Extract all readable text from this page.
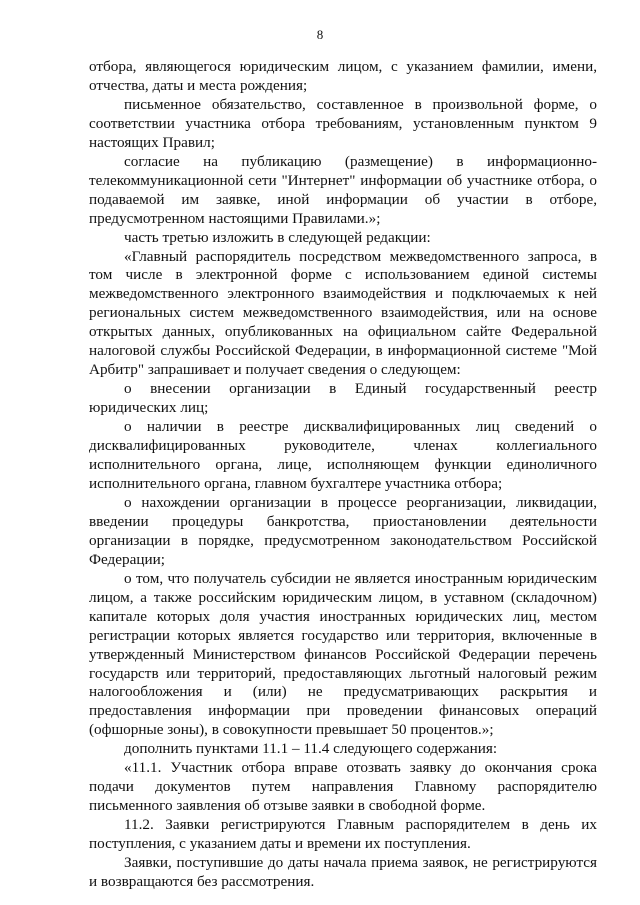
8

отбора, являющегося юридическим лицом, с указанием фамилии, имени, отчества, даты и места рождения;

письменное обязательство, составленное в произвольной форме, о соответствии участника отбора требованиям, установленным пунктом 9 настоящих Правил;

согласие на публикацию (размещение) в информационно-телекоммуникационной сети "Интернет" информации об участнике отбора, о подаваемой им заявке, иной информации об участии в отборе, предусмотренном настоящими Правилами.»;

часть третью изложить в следующей редакции:

«Главный распорядитель посредством межведомственного запроса, в том числе в электронной форме с использованием единой системы межведомственного электронного взаимодействия и подключаемых к ней региональных систем межведомственного взаимодействия, или на основе открытых данных, опубликованных на официальном сайте Федеральной налоговой службы Российской Федерации, в информационной системе "Мой Арбитр" запрашивает и получает сведения о следующем:

о внесении организации в Единый государственный реестр юридических лиц;

о наличии в реестре дисквалифицированных лиц сведений о дисквалифицированных руководителе, членах коллегиального исполнительного органа, лице, исполняющем функции единоличного исполнительного органа, главном бухгалтере участника отбора;

о нахождении организации в процессе реорганизации, ликвидации, введении процедуры банкротства, приостановлении деятельности организации в порядке, предусмотренном законодательством Российской Федерации;

о том, что получатель субсидии не является иностранным юридическим лицом, а также российским юридическим лицом, в уставном (складочном) капитале которых доля участия иностранных юридических лиц, местом регистрации которых является государство или территория, включенные в утвержденный Министерством финансов Российской Федерации перечень государств или территорий, предоставляющих льготный налоговый режим налогообложения и (или) не предусматривающих раскрытия и предоставления информации при проведении финансовых операций (офшорные зоны), в совокупности превышает 50 процентов.»;

дополнить пунктами 11.1 – 11.4 следующего содержания:

«11.1. Участник отбора вправе отозвать заявку до окончания срока подачи документов путем направления Главному распорядителю письменного заявления об отзыве заявки в свободной форме.

11.2. Заявки регистрируются Главным распорядителем в день их поступления, с указанием даты и времени их поступления.

Заявки, поступившие до даты начала приема заявок, не регистрируются и возвращаются без рассмотрения.
